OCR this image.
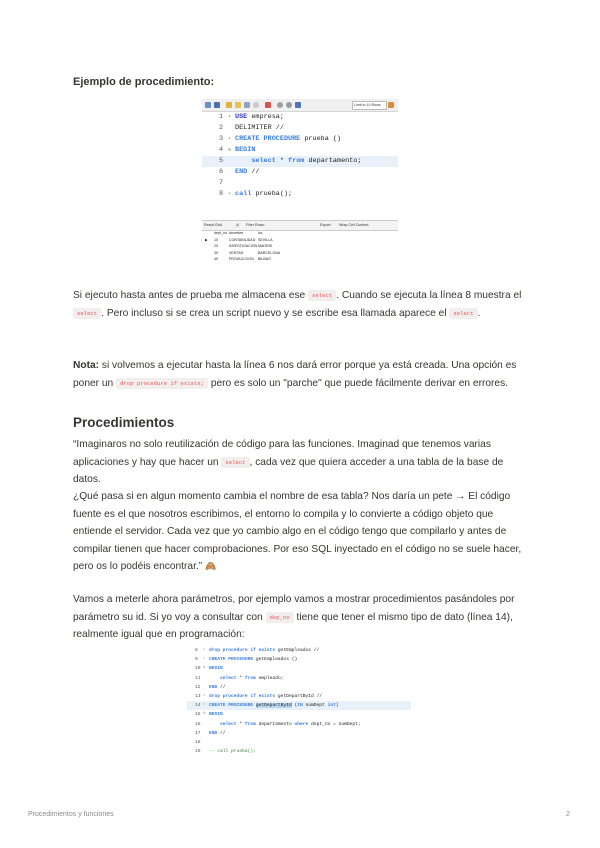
Ejemplo de procedimiento:
Limit to 10 Rows
1 • USE empresa;
2	DELIMITER //
3 • CREATE PROCEDURE prueba ()
4 ⊖ BEGIN
5	select * from departamento;
6	END //
7
8 • call prueba();
Result Grid	▦ Filter Rows:	Export: Wrap Cell Content:
dept_no dnombre	loc
▶ 10	CONTABILIDAD SEVILLA
20	INVESTIGACION MADRID
30	VENTAS	BARCELONA
40	PRODUCCION BILBAO

Si ejecuto hasta antes de prueba me almacena ese select . Cuando se ejecuta la línea 8 muestra el select . Pero incluso si se crea un script nuevo y se escribe esa llamada aparece el select .

Nota: si volvemos a ejecutar hasta la línea 6 nos dará error porque ya está creada. Una opción es poner un drop procedure if exists; pero es solo un "parche" que puede fácilmente derivar en errores.

Procedimientos

“Imaginaros no solo reutilización de código para las funciones. Imaginad que tenemos varias aplicaciones y hay que hacer un select , cada vez que quiera acceder a una tabla de la base de datos.

¿Qué pasa si en algun momento cambia el nombre de esa tabla? Nos daría un pete → El código fuente es el que nosotros escribimos, el entorno lo compila y lo convierte a código objeto que entiende el servidor. Cada vez que yo cambio algo en el código tengo que compilarlo y antes de compilar tienen que hacer comprobaciones. Por eso SQL inyectado en el código no se suele hacer, pero os lo podéis encontrar.” 🙈

Vamos a meterle ahora parámetros, por ejemplo vamos a mostrar procedimientos pasándoles por parámetro su id. Si yo voy a consultar con dep_no tiene que tener el mismo tipo de dato (línea 14), realmente igual que en programación:

8	• drop procedure if exists getEmpleados //
9	• CREATE PROCEDURE getEmpleados ()
10 ⊖ BEGIN
11	select * from empleado;
12	END //
13 • drop procedure if exists getDepartById //
14 • CREATE PROCEDURE getDepartById (IN numDept int)
15 ⊖ BEGIN
16	select * from departamento where dept_no = numDept;
17	END //
18
19	-- call prueba();
Procedimientos y funciones	2
